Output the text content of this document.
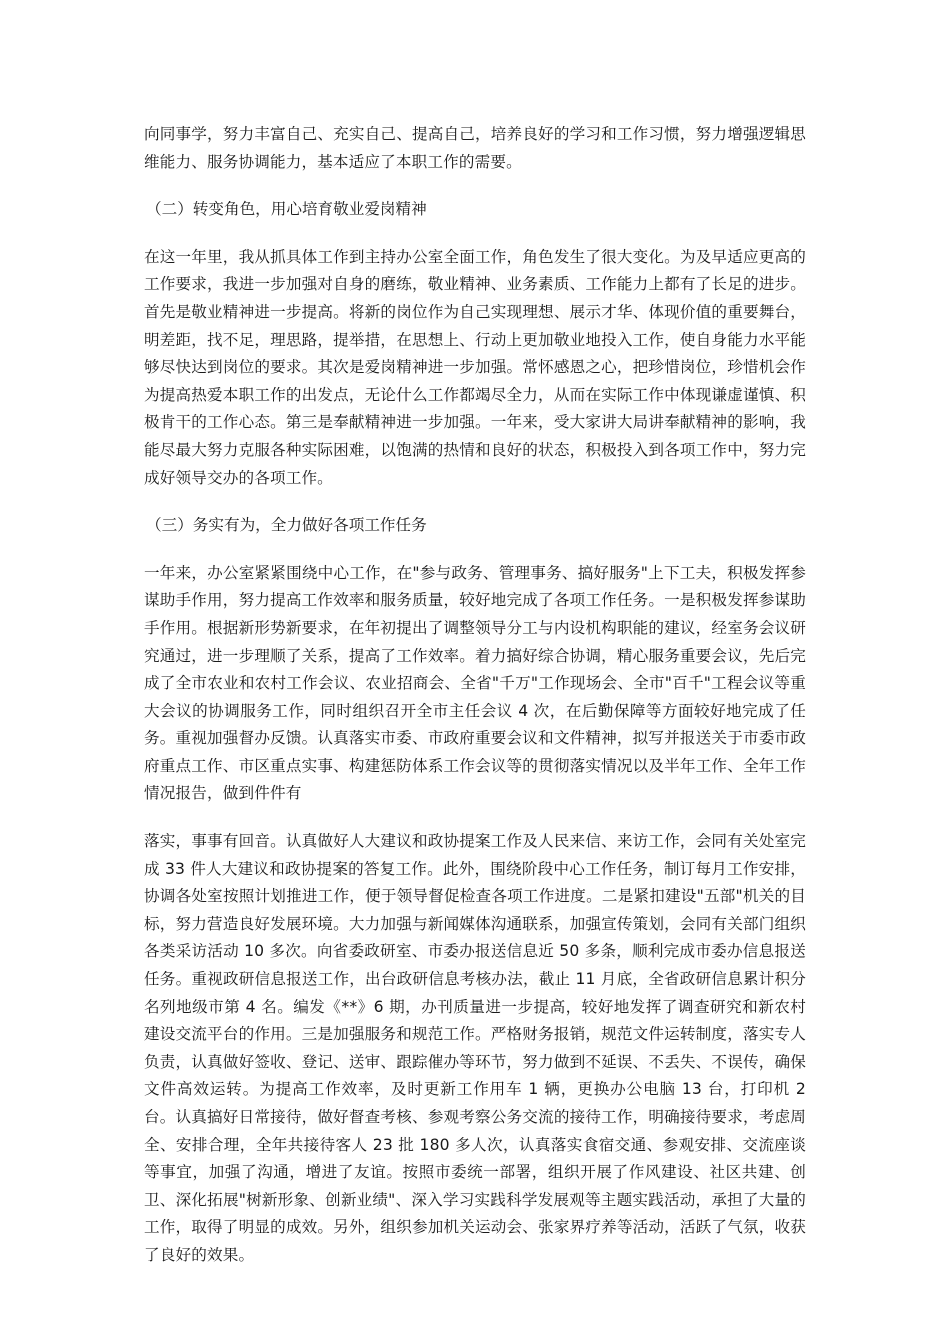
向同事学，努力丰富自己、充实自己、提高自己，培养良好的学习和工作习惯，努力增强逻辑思维能力、服务协调能力，基本适应了本职工作的需要。

（二）转变角色，用心培育敬业爱岗精神

在这一年里，我从抓具体工作到主持办公室全面工作，角色发生了很大变化。为及早适应更高的工作要求，我进一步加强对自身的磨练，敬业精神、业务素质、工作能力上都有了长足的进步。首先是敬业精神进一步提高。将新的岗位作为自己实现理想、展示才华、体现价值的重要舞台，明差距，找不足，理思路，提举措，在思想上、行动上更加敬业地投入工作，使自身能力水平能够尽快达到岗位的要求。其次是爱岗精神进一步加强。常怀感恩之心，把珍惜岗位，珍惜机会作为提高热爱本职工作的出发点，无论什么工作都竭尽全力，从而在实际工作中体现谦虚谨慎、积极肯干的工作心态。第三是奉献精神进一步加强。一年来，受大家讲大局讲奉献精神的影响，我能尽最大努力克服各种实际困难，以饱满的热情和良好的状态，积极投入到各项工作中，努力完成好领导交办的各项工作。

（三）务实有为，全力做好各项工作任务

一年来，办公室紧紧围绕中心工作，在"参与政务、管理事务、搞好服务"上下工夫，积极发挥参谋助手作用，努力提高工作效率和服务质量，较好地完成了各项工作任务。一是积极发挥参谋助手作用。根据新形势新要求，在年初提出了调整领导分工与内设机构职能的建议，经室务会议研究通过，进一步理顺了关系，提高了工作效率。着力搞好综合协调，精心服务重要会议，先后完成了全市农业和农村工作会议、农业招商会、全省"千万"工作现场会、全市"百千"工程会议等重大会议的协调服务工作，同时组织召开全市主任会议 4 次，在后勤保障等方面较好地完成了任务。重视加强督办反馈。认真落实市委、市政府重要会议和文件精神，拟写并报送关于市委市政府重点工作、市区重点实事、构建惩防体系工作会议等的贯彻落实情况以及半年工作、全年工作情况报告，做到件件有

落实，事事有回音。认真做好人大建议和政协提案工作及人民来信、来访工作，会同有关处室完成 33 件人大建议和政协提案的答复工作。此外，围绕阶段中心工作任务，制订每月工作安排，协调各处室按照计划推进工作，便于领导督促检查各项工作进度。二是紧扣建设"五部"机关的目标，努力营造良好发展环境。大力加强与新闻媒体沟通联系，加强宣传策划，会同有关部门组织各类采访活动 10 多次。向省委政研室、市委办报送信息近 50 多条，顺利完成市委办信息报送任务。重视政研信息报送工作，出台政研信息考核办法，截止 11 月底，全省政研信息累计积分名列地级市第 4 名。编发《**》6 期，办刊质量进一步提高，较好地发挥了调查研究和新农村建设交流平台的作用。三是加强服务和规范工作。严格财务报销，规范文件运转制度，落实专人负责，认真做好签收、登记、送审、跟踪催办等环节，努力做到不延误、不丢失、不误传，确保文件高效运转。为提高工作效率，及时更新工作用车 1 辆，更换办公电脑 13 台，打印机 2 台。认真搞好日常接待，做好督查考核、参观考察公务交流的接待工作，明确接待要求，考虑周全、安排合理，全年共接待客人 23 批 180 多人次，认真落实食宿交通、参观安排、交流座谈等事宜，加强了沟通，增进了友谊。按照市委统一部署，组织开展了作风建设、社区共建、创卫、深化拓展"树新形象、创新业绩"、深入学习实践科学发展观等主题实践活动，承担了大量的工作，取得了明显的成效。另外，组织参加机关运动会、张家界疗养等活动，活跃了气氛，收获了良好的效果。
